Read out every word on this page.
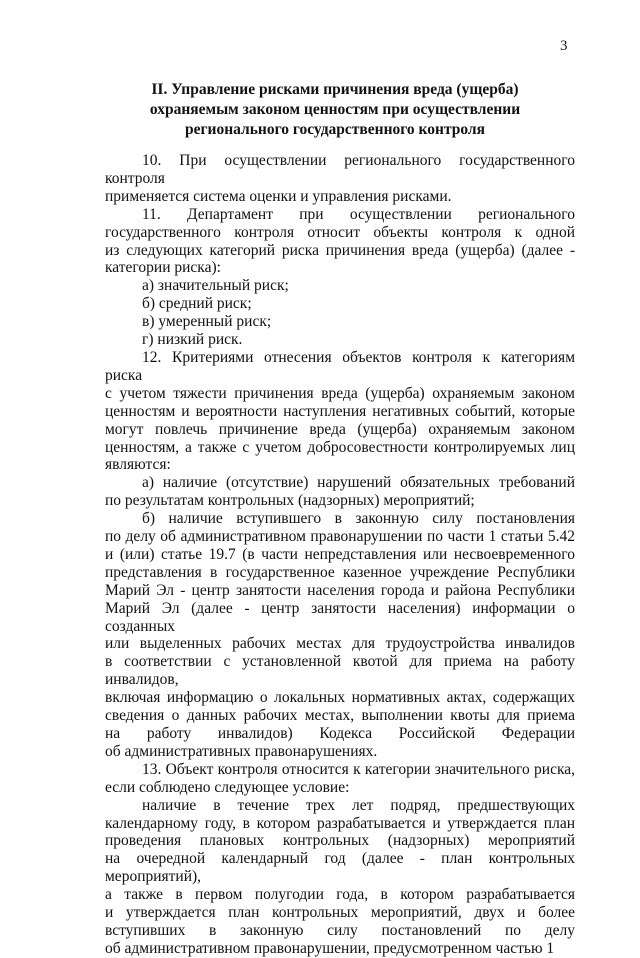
3
II. Управление рисками причинения вреда (ущерба)
охраняемым законом ценностям при осуществлении
регионального государственного контроля
10. При осуществлении регионального государственного контроля
применяется система оценки и управления рисками.
11. Департамент при осуществлении регионального
государственного контроля относит объекты контроля к одной
из следующих категорий риска причинения вреда (ущерба) (далее -
категории риска):
а) значительный риск;
б) средний риск;
в) умеренный риск;
г) низкий риск.
12. Критериями отнесения объектов контроля к категориям риска
с учетом тяжести причинения вреда (ущерба) охраняемым законом
ценностям и вероятности наступления негативных событий, которые
могут повлечь причинение вреда (ущерба) охраняемым законом
ценностям, а также с учетом добросовестности контролируемых лиц
являются:
а) наличие (отсутствие) нарушений обязательных требований
по результатам контрольных (надзорных) мероприятий;
б) наличие вступившего в законную силу постановления
по делу об административном правонарушении по части 1 статьи 5.42
и (или) статье 19.7 (в части непредставления или несвоевременного
представления в государственное казенное учреждение Республики
Марий Эл - центр занятости населения города и района Республики
Марий Эл (далее - центр занятости населения) информации о созданных
или выделенных рабочих местах для трудоустройства инвалидов
в соответствии с установленной квотой для приема на работу инвалидов,
включая информацию о локальных нормативных актах, содержащих
сведения о данных рабочих местах, выполнении квоты для приема
на работу инвалидов) Кодекса Российской Федерации
об административных правонарушениях.
13. Объект контроля относится к категории значительного риска,
если соблюдено следующее условие:
наличие в течение трех лет подряд, предшествующих
календарному году, в котором разрабатывается и утверждается план
проведения плановых контрольных (надзорных) мероприятий
на очередной календарный год (далее - план контрольных мероприятий),
а также в первом полугодии года, в котором разрабатывается
и утверждается план контрольных мероприятий, двух и более
вступивших в законную силу постановлений по делу
об административном правонарушении, предусмотренном частью 1
